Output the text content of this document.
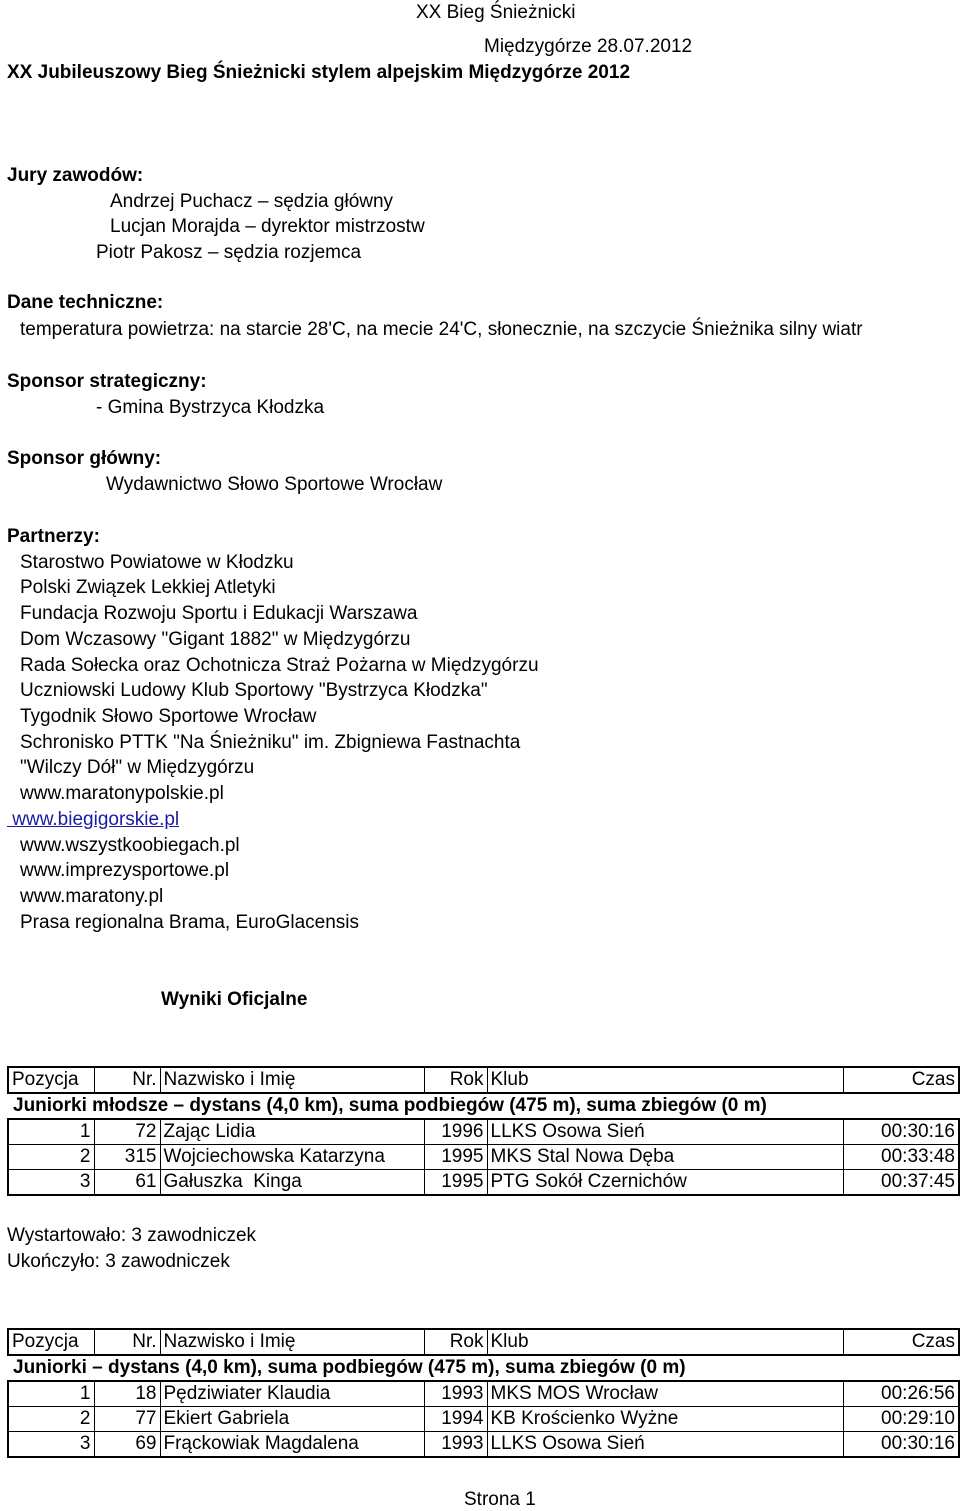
XX Bieg Śnieżnicki
Międzygórze 28.07.2012
XX Jubileuszowy Bieg Śnieżnicki stylem alpejskim Międzygórze 2012
Jury zawodów:
Andrzej Puchacz – sędzia główny
Lucjan Morajda – dyrektor mistrzostw
Piotr Pakosz – sędzia rozjemca
Dane techniczne:
temperatura powietrza: na starcie 28'C, na mecie 24'C, słonecznie, na szczycie Śnieżnika silny wiatr
Sponsor strategiczny:
- Gmina Bystrzyca Kłodzka
Sponsor główny:
Wydawnictwo Słowo Sportowe Wrocław
Partnerzy:
Starostwo Powiatowe w Kłodzku
Polski Związek Lekkiej Atletyki
Fundacja Rozwoju Sportu i Edukacji Warszawa
Dom Wczasowy "Gigant 1882" w Międzygórzu
Rada Sołecka oraz Ochotnicza Straż Pożarna w Międzygórzu
Uczniowski Ludowy Klub Sportowy "Bystrzyca Kłodzka"
Tygodnik Słowo Sportowe Wrocław
Schronisko PTTK "Na Śnieżniku" im. Zbigniewa Fastnachta
"Wilczy Dół" w Międzygórzu
www.maratonypolskie.pl
www.biegigorskie.pl
www.wszystkoobiegach.pl
www.imprezysportowe.pl
www.maratony.pl
Prasa regionalna Brama, EuroGlacensis
Wyniki Oficjalne
Pozycja	Nr.	Nazwisko i Imię	Rok	Klub	Czas
Juniorki młodsze – dystans (4,0 km), suma podbiegów (475 m), suma zbiegów (0 m)					
1	72	Zając Lidia	1996	LLKS Osowa Sień	00:30:16
2	315	Wojciechowska Katarzyna	1995	MKS Stal Nowa Dęba	00:33:48
3	61	Gałuszka  Kinga	1995	PTG Sokół Czernichów	00:37:45
Wystartowało: 3 zawodniczek
Ukończyło: 3 zawodniczek
Pozycja	Nr.	Nazwisko i Imię	Rok	Klub	Czas
Juniorki – dystans (4,0 km), suma podbiegów (475 m), suma zbiegów (0 m)					
1	18	Pędziwiater Klaudia	1993	MKS MOS Wrocław	00:26:56
2	77	Ekiert Gabriela	1994	KB Krościenko Wyżne	00:29:10
3	69	Frąckowiak Magdalena	1993	LLKS Osowa Sień	00:30:16
Strona 1
